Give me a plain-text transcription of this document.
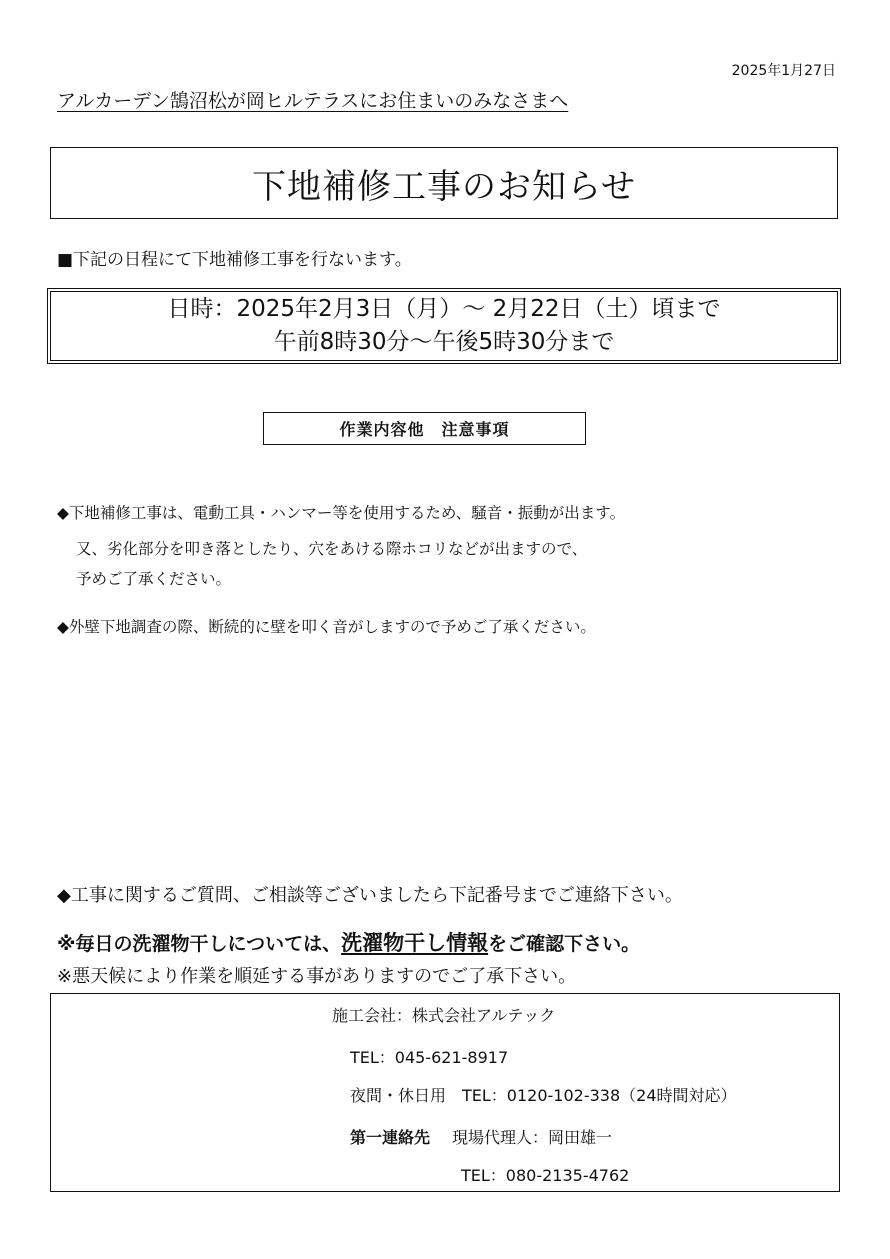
2025年1月27日
アルカーデン鵠沼松が岡ヒルテラスにお住まいのみなさまへ
下地補修工事のお知らせ
■下記の日程にて下地補修工事を行ないます。
日時：2025年2月3日（月）～ 2月22日（土）頃まで
午前8時30分～午後5時30分まで
作業内容他　注意事項
◆下地補修工事は、電動工具・ハンマー等を使用するため、騒音・振動が出ます。
又、劣化部分を叩き落としたり、穴をあける際ホコリなどが出ますので、
予めご了承ください。
◆外壁下地調査の際、断続的に壁を叩く音がしますので予めご了承ください。
◆工事に関するご質問、ご相談等ございましたら下記番号までご連絡下さい。
※毎日の洗濯物干しについては、洗濯物干し情報をご確認下さい。
※悪天候により作業を順延する事がありますのでご了承下さい。
施工会社：株式会社アルテック
TEL：045-621-8917
夜間・休日用　TEL：0120-102-338（24時間対応）
第一連絡先 現場代理人：岡田雄一
TEL：080-2135-4762
